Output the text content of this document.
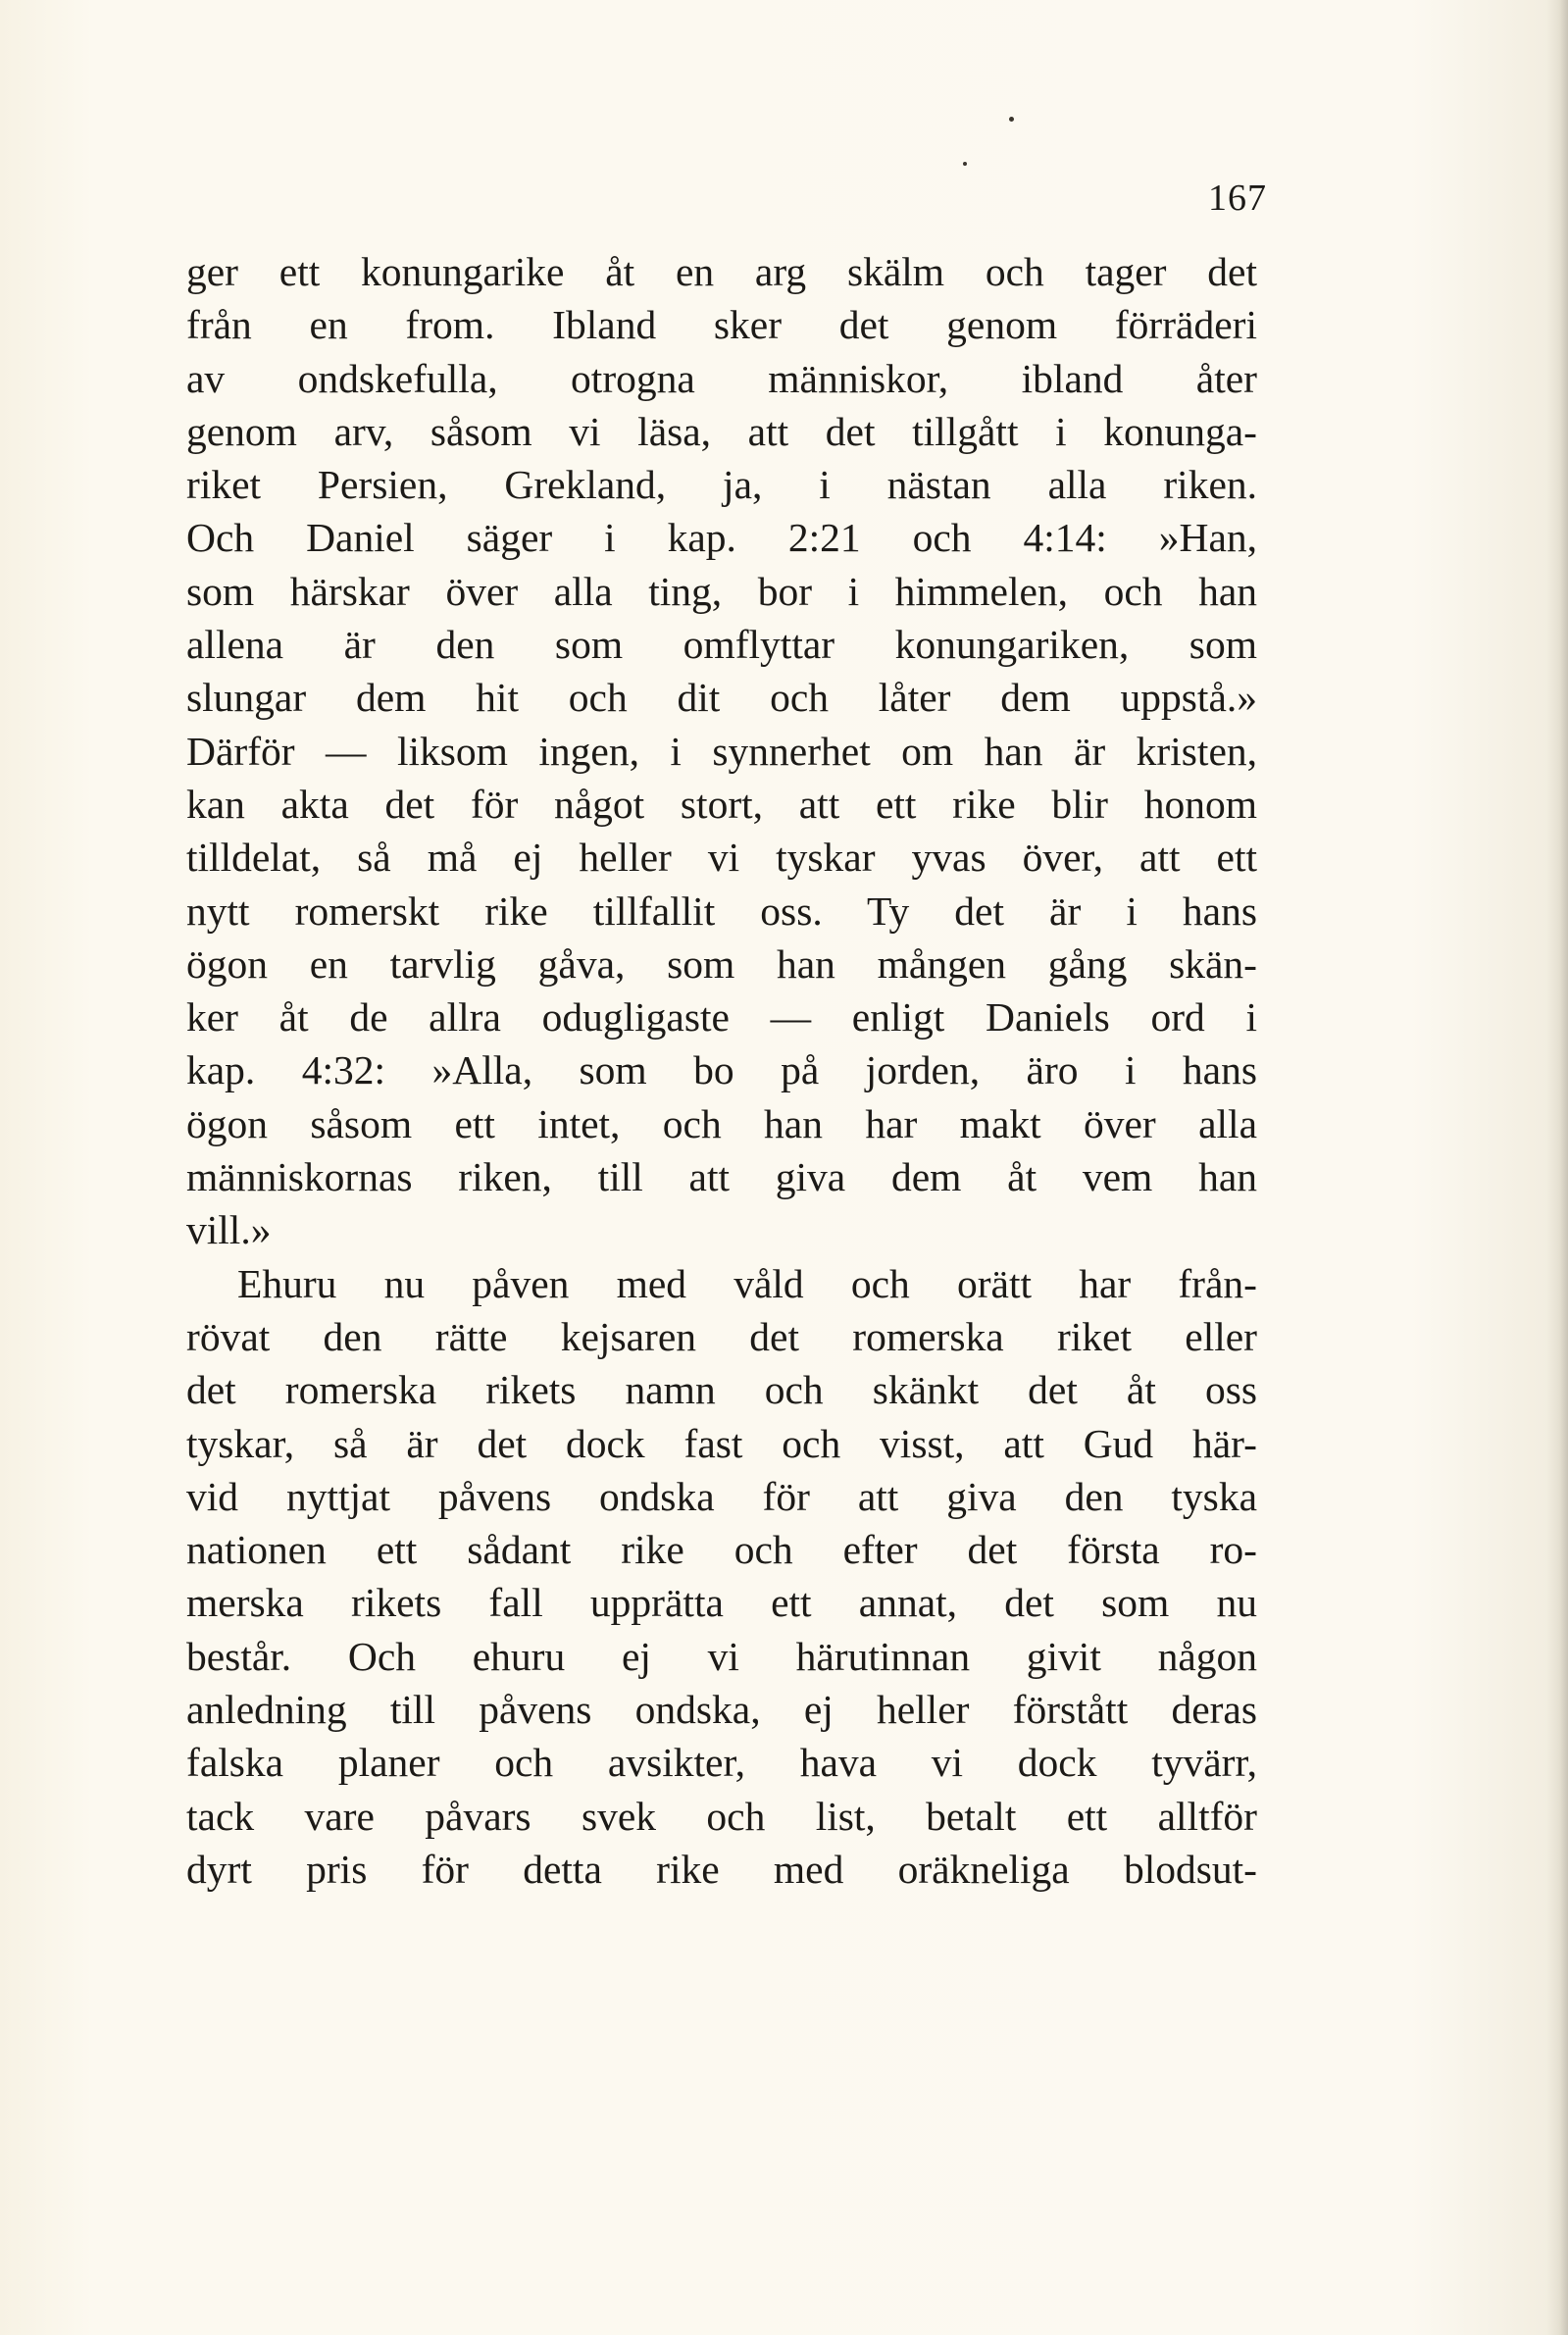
167
ger ett konungarike åt en arg skälm och tager det
från en from. Ibland sker det genom förräderi
av ondskefulla, otrogna människor, ibland åter
genom arv, såsom vi läsa, att det tillgått i konunga-
riket Persien, Grekland, ja, i nästan alla riken.
Och Daniel säger i kap. 2:21 och 4:14: »Han,
som härskar över alla ting, bor i himmelen, och han
allena är den som omflyttar konungariken, som
slungar dem hit och dit och låter dem uppstå.»
Därför — liksom ingen, i synnerhet om han är kristen,
kan akta det för något stort, att ett rike blir honom
tilldelat, så må ej heller vi tyskar yvas över, att ett
nytt romerskt rike tillfallit oss. Ty det är i hans
ögon en tarvlig gåva, som han mången gång skän-
ker åt de allra odugligaste — enligt Daniels ord i
kap. 4:32: »Alla, som bo på jorden, äro i hans
ögon såsom ett intet, och han har makt över alla
människornas riken, till att giva dem åt vem han
vill.»
Ehuru nu påven med våld och orätt har från-
rövat den rätte kejsaren det romerska riket eller
det romerska rikets namn och skänkt det åt oss
tyskar, så är det dock fast och visst, att Gud här-
vid nyttjat påvens ondska för att giva den tyska
nationen ett sådant rike och efter det första ro-
merska rikets fall upprätta ett annat, det som nu
består. Och ehuru ej vi härutinnan givit någon
anledning till påvens ondska, ej heller förstått deras
falska planer och avsikter, hava vi dock tyvärr,
tack vare påvars svek och list, betalt ett alltför
dyrt pris för detta rike med oräkneliga blodsut-
